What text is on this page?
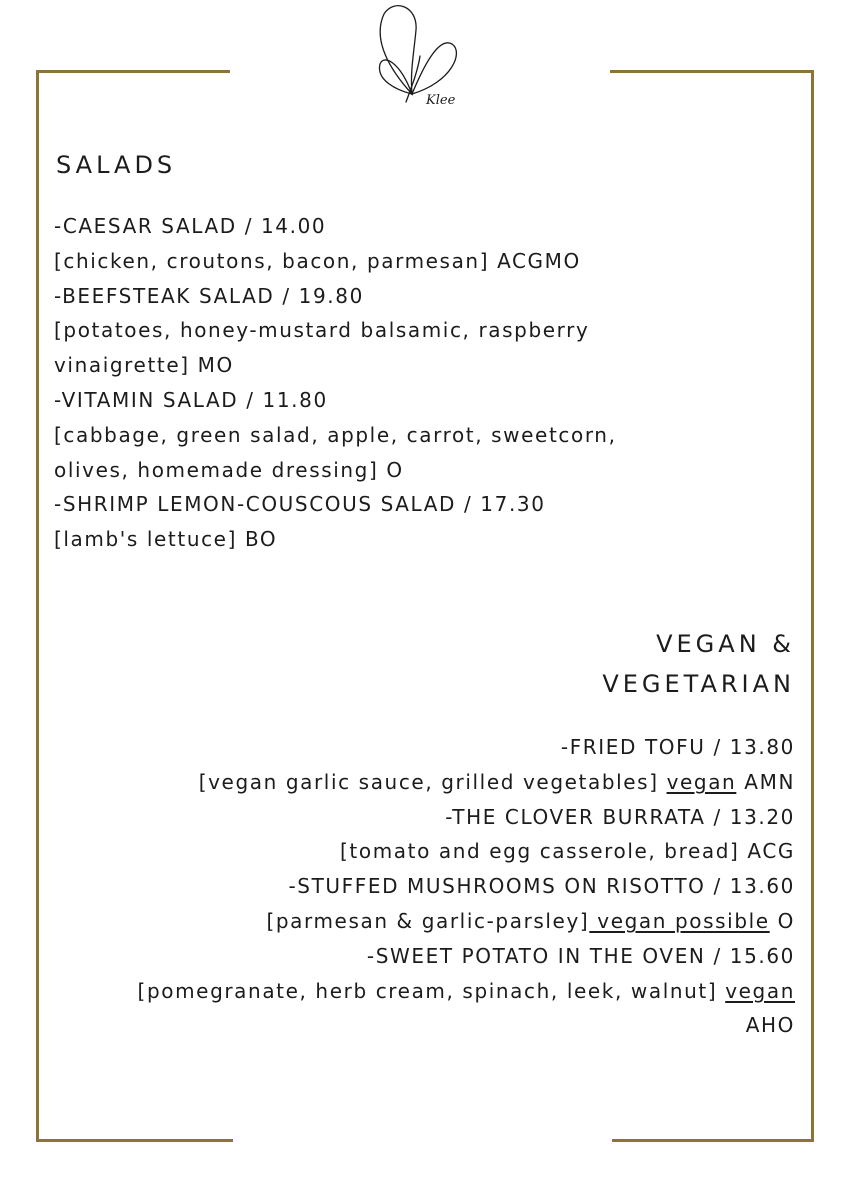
Klee
SALADS
-CAESAR SALAD / 14.00
[chicken, croutons, bacon, parmesan] ACGMO
-BEEFSTEAK SALAD / 19.80
[potatoes, honey-mustard balsamic, raspberry
vinaigrette] MO
-VITAMIN SALAD / 11.80
[cabbage, green salad, apple, carrot, sweetcorn,
olives, homemade dressing] O
-SHRIMP LEMON-COUSCOUS SALAD / 17.30
[lamb's lettuce] BO
VEGAN &
VEGETARIAN
-FRIED TOFU / 13.80
[vegan garlic sauce, grilled vegetables] vegan AMN
-THE CLOVER BURRATA / 13.20
[tomato and egg casserole, bread] ACG
-STUFFED MUSHROOMS ON RISOTTO / 13.60
[parmesan & garlic-parsley] vegan possible O
-SWEET POTATO IN THE OVEN / 15.60
[pomegranate, herb cream, spinach, leek, walnut] vegan
AHO
